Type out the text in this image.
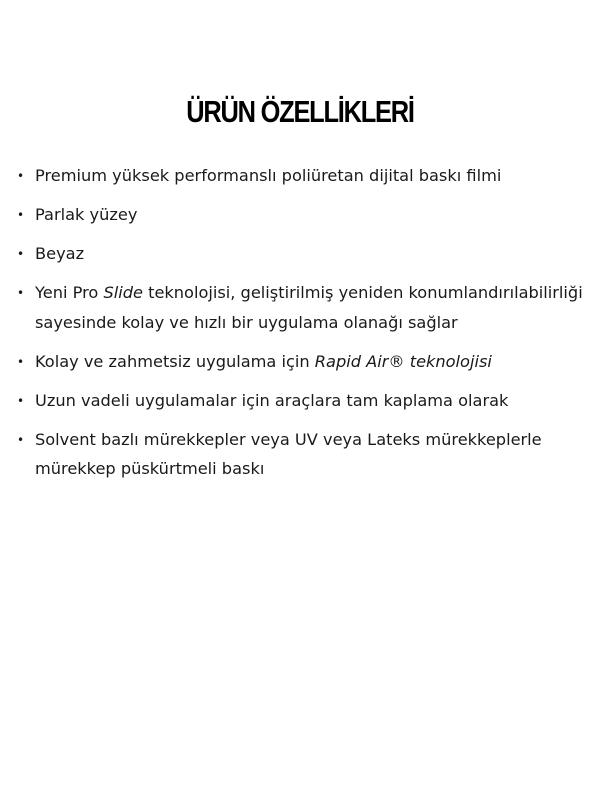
ÜRÜN ÖZELLİKLERİ
• Premium yüksek performanslı poliüretan dijital baskı filmi
• Parlak yüzey
• Beyaz
• Yeni Pro Slide teknolojisi, geliştirilmiş yeniden konumlandırılabilirliği sayesinde kolay ve hızlı bir uygulama olanağı sağlar
• Kolay ve zahmetsiz uygulama için Rapid Air® teknolojisi
• Uzun vadeli uygulamalar için araçlara tam kaplama olarak
• Solvent bazlı mürekkepler veya UV veya Lateks mürekkeplerle mürekkep püskürtmeli baskı
